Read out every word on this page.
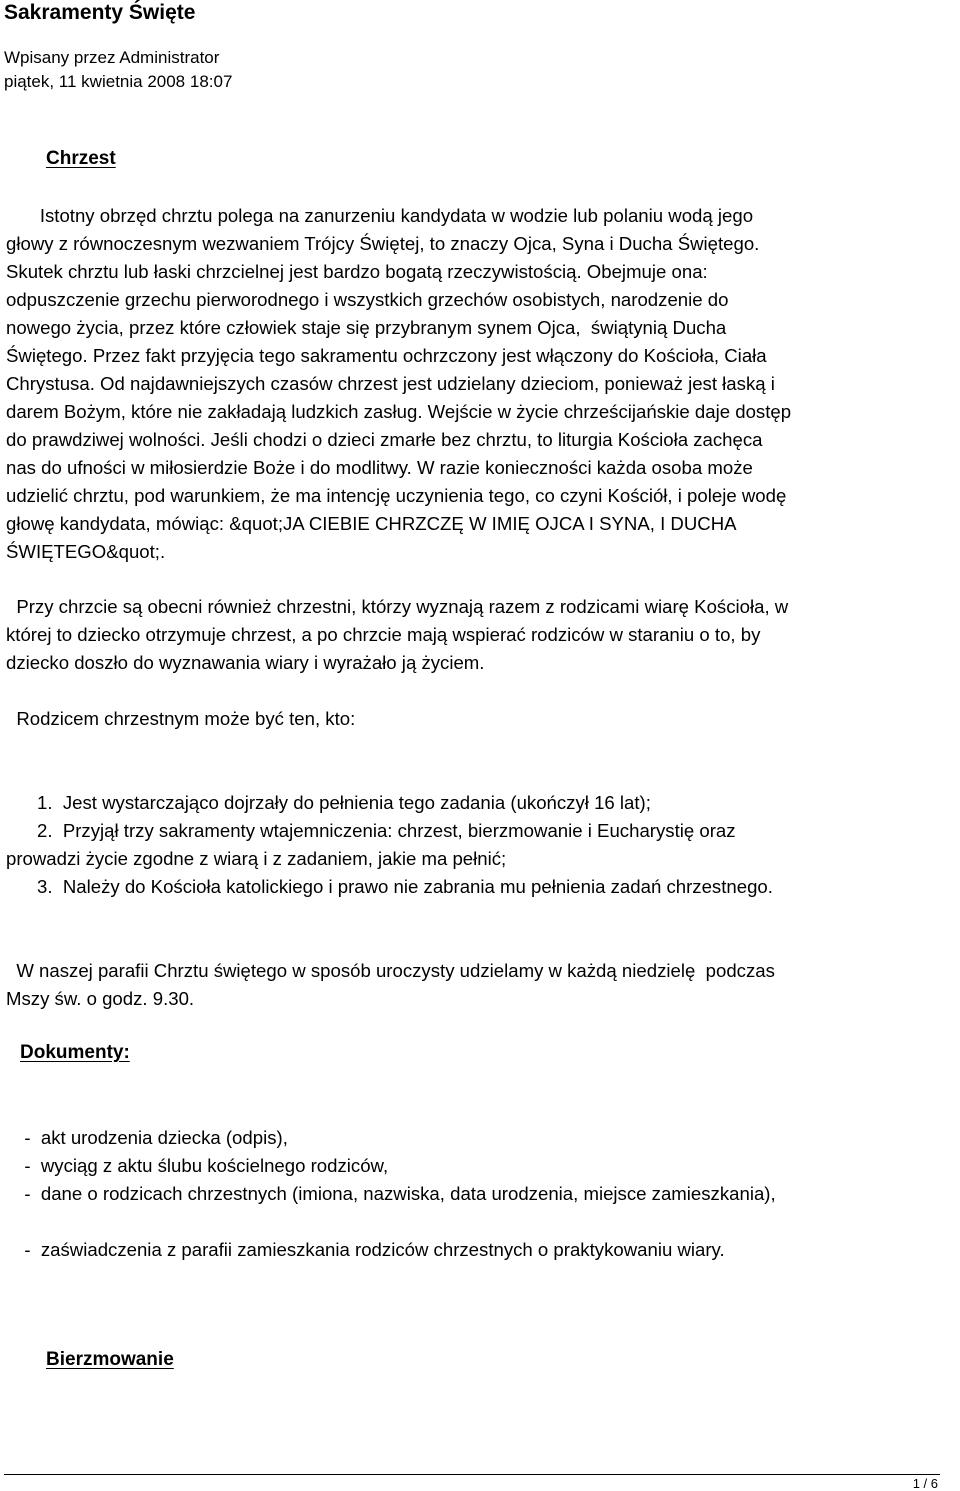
Sakramenty Święte
Wpisany przez Administrator
piątek, 11 kwietnia 2008 18:07
Chrzest
Istotny obrzęd chrztu polega na zanurzeniu kandydata w wodzie lub polaniu wodą jego
głowy z równoczesnym wezwaniem Trójcy Świętej, to znaczy Ojca, Syna i Ducha Świętego.
Skutek chrztu lub łaski chrzcielnej jest bardzo bogatą rzeczywistością. Obejmuje ona:
odpuszczenie grzechu pierworodnego i wszystkich grzechów osobistych, narodzenie do
nowego życia, przez które człowiek staje się przybranym synem Ojca,  świątynią Ducha
Świętego. Przez fakt przyjęcia tego sakramentu ochrzczony jest włączony do Kościoła, Ciała
Chrystusa. Od najdawniejszych czasów chrzest jest udzielany dzieciom, ponieważ jest łaską i
darem Bożym, które nie zakładają ludzkich zasług. Wejście w życie chrześcijańskie daje dostęp
do prawdziwej wolności. Jeśli chodzi o dzieci zmarłe bez chrztu, to liturgia Kościoła zachęca
nas do ufności w miłosierdzie Boże i do modlitwy. W razie konieczności każda osoba może
udzielić chrztu, pod warunkiem, że ma intencję uczynienia tego, co czyni Kościół, i poleje wodę
głowę kandydata, mówiąc: &quot;JA CIEBIE CHRZCZĘ W IMIĘ OJCA I SYNA, I DUCHA
ŚWIĘTEGO&quot;.
Przy chrzcie są obecni również chrzestni, którzy wyznają razem z rodzicami wiarę Kościoła, w
której to dziecko otrzymuje chrzest, a po chrzcie mają wspierać rodziców w staraniu o to, by
dziecko doszło do wyznawania wiary i wyrażało ją życiem.
Rodzicem chrzestnym może być ten, kto:
1.  Jest wystarczająco dojrzały do pełnienia tego zadania (ukończył 16 lat);
2.  Przyjął trzy sakramenty wtajemniczenia: chrzest, bierzmowanie i Eucharystię oraz
prowadzi życie zgodne z wiarą i z zadaniem, jakie ma pełnić;
3.  Należy do Kościoła katolickiego i prawo nie zabrania mu pełnienia zadań chrzestnego.
W naszej parafii Chrztu świętego w sposób uroczysty udzielamy w każdą niedzielę  podczas
Mszy św. o godz. 9.30.
Dokumenty:
-  akt urodzenia dziecka (odpis),
-  wyciąg z aktu ślubu kościelnego rodziców,
-  dane o rodzicach chrzestnych (imiona, nazwiska, data urodzenia, miejsce zamieszkania),
-  zaświadczenia z parafii zamieszkania rodziców chrzestnych o praktykowaniu wiary.
Bierzmowanie
1 / 6
